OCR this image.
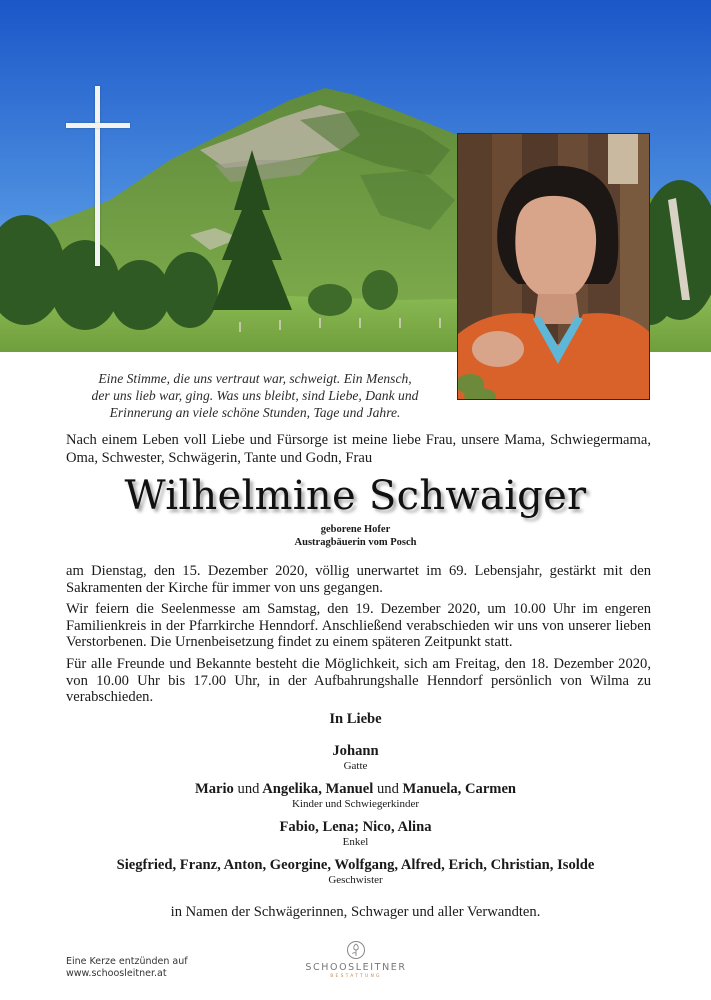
Eine Stimme, die uns vertraut war, schweigt. Ein Mensch,
der uns lieb war, ging. Was uns bleibt, sind Liebe, Dank und
Erinnerung an viele schöne Stunden, Tage und Jahre.
Nach einem Leben voll Liebe und Fürsorge ist meine liebe Frau, unsere Mama, Schwiegermama, Oma, Schwester, Schwägerin, Tante und Godn, Frau
Wilhelmine Schwaiger
geborene Hofer
Austragbäuerin vom Posch
am Dienstag, den 15. Dezember 2020, völlig unerwartet im 69. Lebensjahr, gestärkt mit den Sakramenten der Kirche für immer von uns gegangen.
Wir feiern die Seelenmesse am Samstag, den 19. Dezember 2020, um 10.00 Uhr im engeren Familienkreis in der Pfarrkirche Henndorf. Anschließend verabschieden wir uns von unserer lieben Verstorbenen. Die Urnenbeisetzung findet zu einem späteren Zeitpunkt statt.
Für alle Freunde und Bekannte besteht die Möglichkeit, sich am Freitag, den 18. Dezember 2020, von 10.00 Uhr bis 17.00 Uhr, in der Aufbahrungshalle Henndorf persönlich von Wilma zu verabschieden.
In Liebe
Johann
Gatte
Mario und Angelika, Manuel und Manuela, Carmen
Kinder und Schwiegerkinder
Fabio, Lena; Nico, Alina
Enkel
Siegfried, Franz, Anton, Georgine, Wolfgang, Alfred, Erich, Christian, Isolde
Geschwister
in Namen der Schwägerinnen, Schwager und aller Verwandten.
Eine Kerze entzünden auf
www.schoosleitner.at
SCHOOSLEITNER
BESTATTUNG
